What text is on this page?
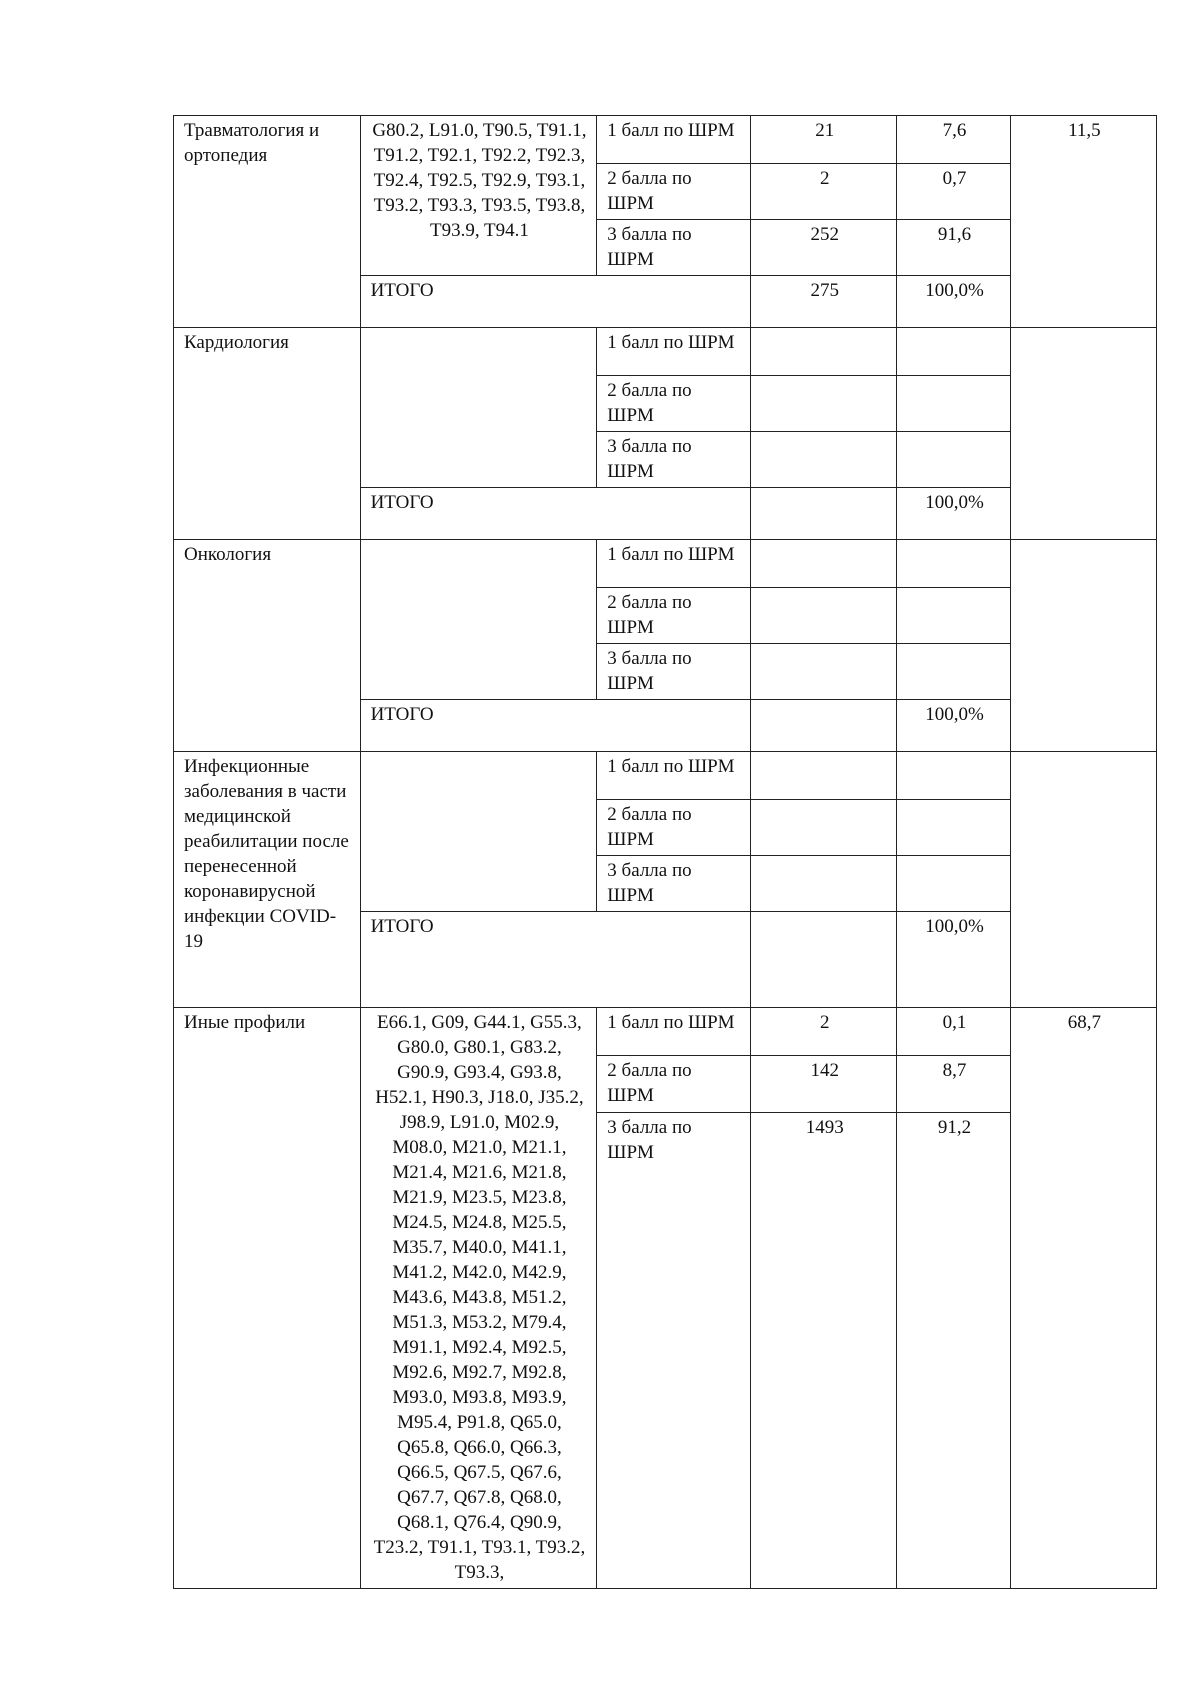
Травматология и ортопедия	G80.2, L91.0, T90.5, T91.1, T91.2, T92.1, T92.2, T92.3, T92.4, T92.5, T92.9, T93.1, T93.2, T93.3, T93.5, T93.8, T93.9, T94.1	1 балл по ШРМ	21	7,6	11,5
		2 балла по ШРМ	2	0,7	
		3 балла по ШРМ	252	91,6	
	ИТОГО		275	100,0%	
Кардиология		1 балл по ШРМ			
		2 балла по ШРМ			
		3 балла по ШРМ			
	ИТОГО			100,0%	
Онкология		1 балл по ШРМ			
		2 балла по ШРМ			
		3 балла по ШРМ			
	ИТОГО			100,0%	
Инфекционные заболевания в части медицинской реабилитации после перенесенной коронавирусной инфекции COVID-19		1 балл по ШРМ			
		2 балла по ШРМ			
		3 балла по ШРМ			
	ИТОГО			100,0%	
Иные профили	E66.1, G09, G44.1, G55.3, G80.0, G80.1, G83.2, G90.9, G93.4, G93.8, H52.1, H90.3, J18.0, J35.2, J98.9, L91.0, M02.9, M08.0, M21.0, M21.1, M21.4, M21.6, M21.8, M21.9, M23.5, M23.8, M24.5, M24.8, M25.5, M35.7, M40.0, M41.1, M41.2, M42.0, M42.9, M43.6, M43.8, M51.2, M51.3, M53.2, M79.4, M91.1, M92.4, M92.5, M92.6, M92.7, M92.8, M93.0, M93.8, M93.9, M95.4, P91.8, Q65.0, Q65.8, Q66.0, Q66.3, Q66.5, Q67.5, Q67.6, Q67.7, Q67.8, Q68.0, Q68.1, Q76.4, Q90.9, T23.2, T91.1, T93.1, T93.2, T93.3,	1 балл по ШРМ	2	0,1	68,7
		2 балла по ШРМ	142	8,7	
		3 балла по ШРМ	1493	91,2	
